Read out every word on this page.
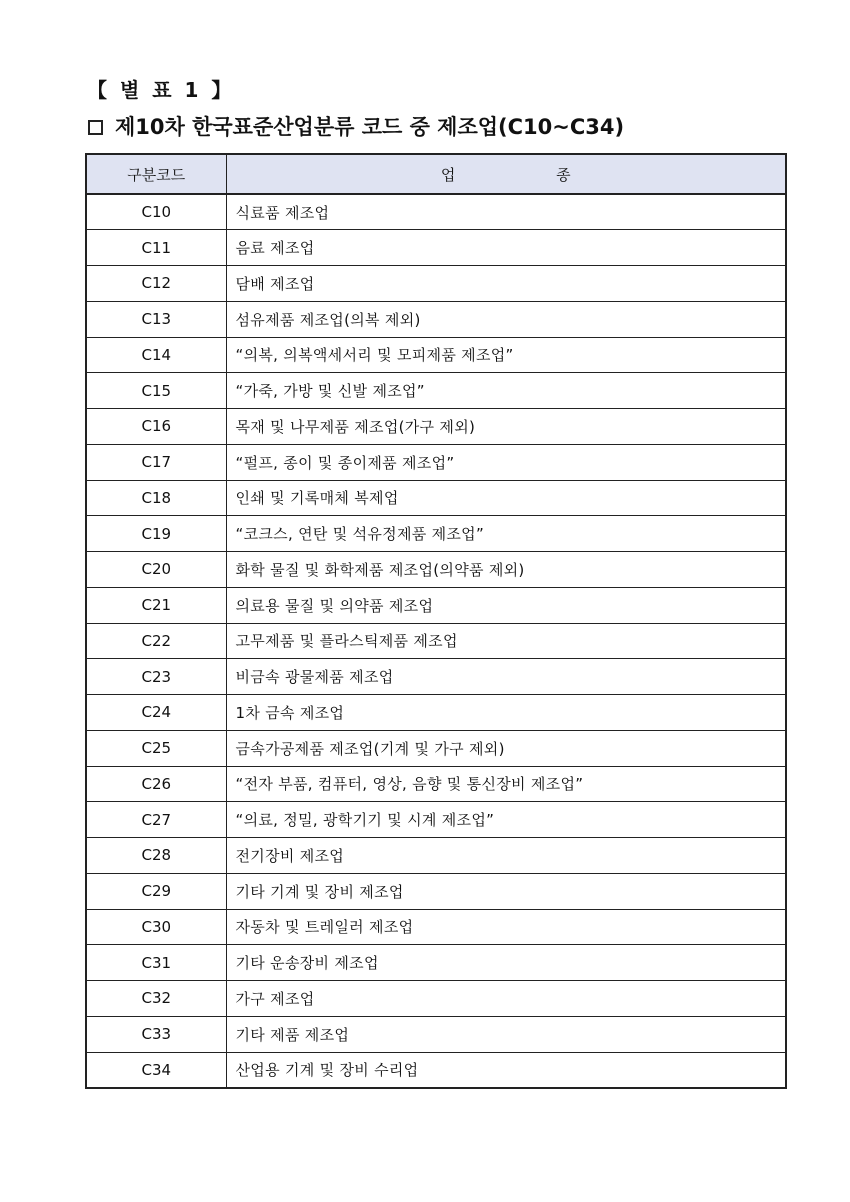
【 별 표 1 】
제10차 한국표준산업분류 코드 중 제조업(C10~C34)
구분코드	업 종
C10	식료품 제조업
C11	음료 제조업
C12	담배 제조업
C13	섬유제품 제조업(의복 제외)
C14	“의복, 의복액세서리 및 모피제품 제조업”
C15	“가죽, 가방 및 신발 제조업”
C16	목재 및 나무제품 제조업(가구 제외)
C17	“펄프, 종이 및 종이제품 제조업”
C18	인쇄 및 기록매체 복제업
C19	“코크스, 연탄 및 석유정제품 제조업”
C20	화학 물질 및 화학제품 제조업(의약품 제외)
C21	의료용 물질 및 의약품 제조업
C22	고무제품 및 플라스틱제품 제조업
C23	비금속 광물제품 제조업
C24	1차 금속 제조업
C25	금속가공제품 제조업(기계 및 가구 제외)
C26	“전자 부품, 컴퓨터, 영상, 음향 및 통신장비 제조업”
C27	“의료, 정밀, 광학기기 및 시계 제조업”
C28	전기장비 제조업
C29	기타 기계 및 장비 제조업
C30	자동차 및 트레일러 제조업
C31	기타 운송장비 제조업
C32	가구 제조업
C33	기타 제품 제조업
C34	산업용 기계 및 장비 수리업
